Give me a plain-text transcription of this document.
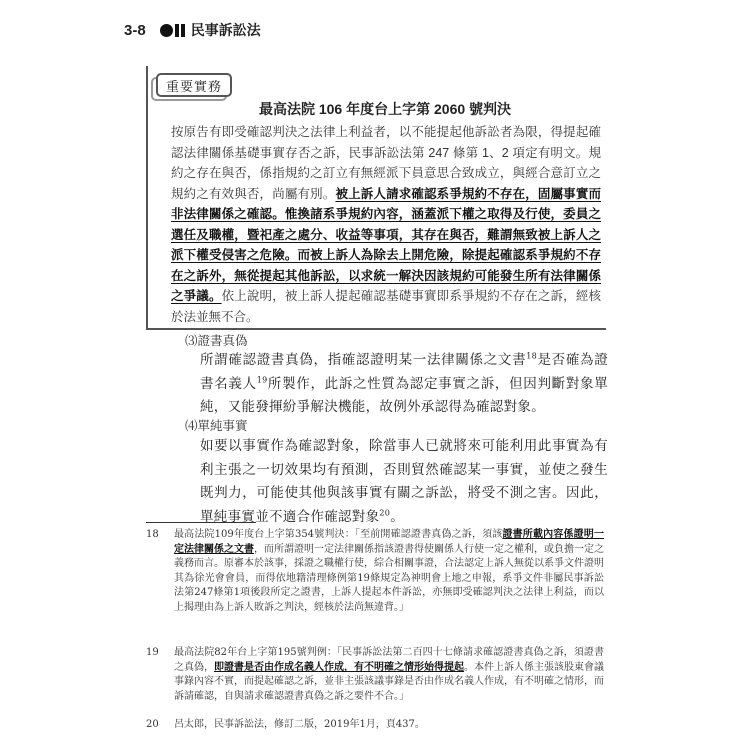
3-8	民事訴訟法
重要實務
最高法院 106 年度台上字第 2060 號判決
按原告有即受確認判決之法律上利益者，以不能提起他訴訟者為限，得提起確認法律關係基礎事實存否之訴，民事訴訟法第 247 條第 1、2 項定有明文。規約之存在與否，係指規約之訂立有無經派下員意思合致成立，與經合意訂立之規約之有效與否，尚屬有別。被上訴人請求確認系爭規約不存在，固屬事實而非法律關係之確認。惟換諸系爭規約內容，涵蓋派下權之取得及行使，委員之選任及職權，暨祀產之處分、收益等事項，其存在與否，難謂無致被上訴人之派下權受侵害之危險。而被上訴人為除去上開危險，除提起確認系爭規約不存在之訴外，無從提起其他訴訟，以求統一解決因該規約可能發生所有法律關係之爭議。依上說明，被上訴人提起確認基礎事實即系爭規約不存在之訴，經核於法並無不合。
⑶證書真偽
所謂確認證書真偽，指確認證明某一法律關係之文書$^{18}$是否確為證書名義人$^{19}$所製作，此訴之性質為認定事實之訴，但因判斷對象單純，又能發揮紛爭解決機能，故例外承認得為確認對象。
⑷單純事實
如要以事實作為確認對象，除當事人已就將來可能利用此事實為有利主張之一切效果均有預測，否則貿然確認某一事實，並使之發生既判力，可能使其他與該事實有關之訴訟，將受不測之害。因此，單純事實並不適合作確認對象$^{20}$。
18	最高法院109年度台上字第354號判決：「至前開確認證書真偽之訴，須該證書所載內容係證明一定法律關係之文書，而所謂證明一定法律關係指該證書得使關係人行使一定之權利，或負擔一定之義務而言。原審本於該事，採證之職權行使，綜合相關事證，合法認定上訴人無從以系爭文件證明其為徐光會會員，而得依地籍清理條例第19條規定為神明會上地之申報，系爭文件非屬民事訴訟法第247條第1項後段所定之證書，上訴人提起本件訴訟，亦無即受確認判決之法律上利益，而以上揭理由為上訴人敗訴之判決，經核於法尚無違背。」
19	最高法院82年台上字第195號判例：「民事訴訟法第二百四十七條請求確認證書真偽之訴，須證書之真偽，即證書是否由作成名義人作成，有不明確之情形始得提起。本件上訴人係主張該股東會議事錄內容不實，而提起確認之訴，並非主張該議事錄是否由作成名義人作成，有不明確之情形，而訴請確認，自與請求確認證書真偽之訴之要件不合。」
20	呂太郎，民事訴訟法，修訂二版，2019年1月，頁437。
